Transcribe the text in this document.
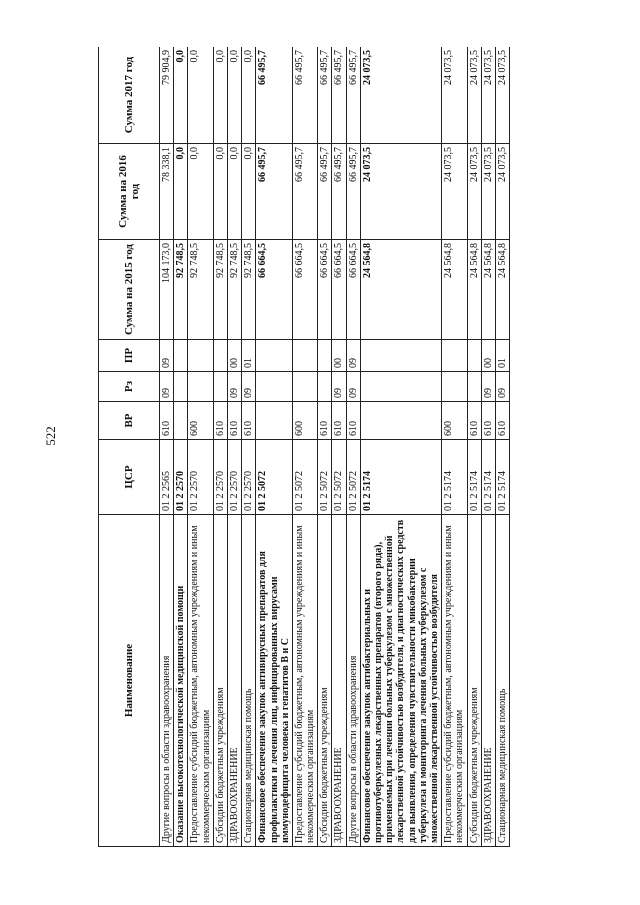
522
Наименование	ЦСР	ВР	Рз	ПР	Сумма на 2015 год	Сумма на 2016 год	Сумма 2017 год
Другие вопросы в области здравоохранения	01 2 2565	610	09	09	104 173,0	78 338,1	79 904,9
Оказание высокотехнологической медицинской помощи	01 2 2570				92 748,5	0,0	0,0
Предоставление субсидий бюджетным, автономным учреждениям и иным некоммерческим организациям	01 2 2570	600			92 748,5	0,0	0,0
Субсидии бюджетным учреждениям	01 2 2570	610			92 748,5	0,0	0,0
ЗДРАВООХРАНЕНИЕ	01 2 2570	610	09	00	92 748,5	0,0	0,0
Стационарная медицинская помощь	01 2 2570	610	09	01	92 748,5	0,0	0,0
Финансовое обеспечение закупок антивирусных препаратов для профилактики и лечения лиц, инфицированных вирусами иммунодефицита человека и гепатитов В и С	01 2 5072				66 664,5	66 495,7	66 495,7
Предоставление субсидий бюджетным, автономным учреждениям и иным некоммерческим организациям	01 2 5072	600			66 664,5	66 495,7	66 495,7
Субсидии бюджетным учреждениям	01 2 5072	610			66 664,5	66 495,7	66 495,7
ЗДРАВООХРАНЕНИЕ	01 2 5072	610	09	00	66 664,5	66 495,7	66 495,7
Другие вопросы в области здравоохранения	01 2 5072	610	09	09	66 664,5	66 495,7	66 495,7
Финансовое обеспечение закупок антибактериальных и противотуберкулезных лекарственных препаратов (второго ряда), применяемых при лечении больных туберкулезом с множественной лекарственной устойчивостью возбудителя, и диагностических средств для выявления, определения чувствительности микобактерии туберкулеза и мониторинга лечения больных туберкулезом с множественной лекарственной устойчивостью возбудителя	01 2 5174				24 564,8	24 073,5	24 073,5
Предоставление субсидий бюджетным, автономным учреждениям и иным некоммерческим организациям	01 2 5174	600			24 564,8	24 073,5	24 073,5
Субсидии бюджетным учреждениям	01 2 5174	610			24 564,8	24 073,5	24 073,5
ЗДРАВООХРАНЕНИЕ	01 2 5174	610	09	00	24 564,8	24 073,5	24 073,5
Стационарная медицинская помощь	01 2 5174	610	09	01	24 564,8	24 073,5	24 073,5
